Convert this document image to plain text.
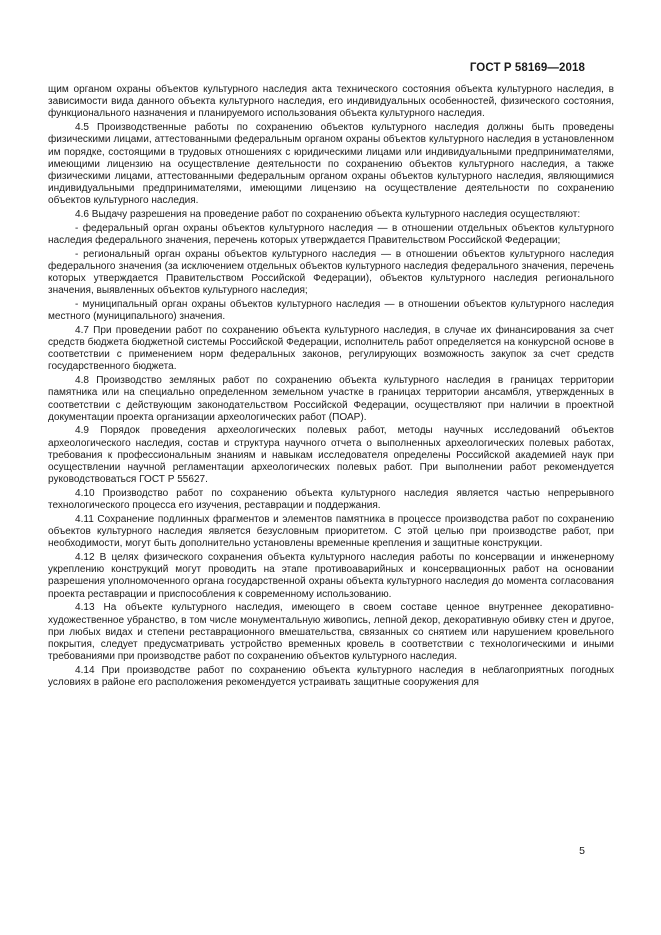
ГОСТ Р 58169—2018

щим органом охраны объектов культурного наследия акта технического состояния объекта культурного наследия, в зависимости вида данного объекта культурного наследия, его индивидуальных особенностей, физического состояния, функционального назначения и планируемого использования объекта культурного наследия.

4.5 Производственные работы по сохранению объектов культурного наследия должны быть проведены физическими лицами, аттестованными федеральным органом охраны объектов культурного наследия в установленном им порядке, состоящими в трудовых отношениях с юридическими лицами или индивидуальными предпринимателями, имеющими лицензию на осуществление деятельности по сохранению объектов культурного наследия, а также физическими лицами, аттестованными федеральным органом охраны объектов культурного наследия, являющимися индивидуальными предпринимателями, имеющими лицензию на осуществление деятельности по сохранению объектов культурного наследия.

4.6 Выдачу разрешения на проведение работ по сохранению объекта культурного наследия осуществляют:

- федеральный орган охраны объектов культурного наследия — в отношении отдельных объектов культурного наследия федерального значения, перечень которых утверждается Правительством Российской Федерации;

- региональный орган охраны объектов культурного наследия — в отношении объектов культурного наследия федерального значения (за исключением отдельных объектов культурного наследия федерального значения, перечень которых утверждается Правительством Российской Федерации), объектов культурного наследия регионального значения, выявленных объектов культурного наследия;

- муниципальный орган охраны объектов культурного наследия — в отношении объектов культурного наследия местного (муниципального) значения.

4.7 При проведении работ по сохранению объекта культурного наследия, в случае их финансирования за счет средств бюджета бюджетной системы Российской Федерации, исполнитель работ определяется на конкурсной основе в соответствии с применением норм федеральных законов, регулирующих возможность закупок за счет средств государственного бюджета.

4.8 Производство земляных работ по сохранению объекта культурного наследия в границах территории памятника или на специально определенном земельном участке в границах территории ансамбля, утвержденных в соответствии с действующим законодательством Российской Федерации, осуществляют при наличии в проектной документации проекта организации археологических работ (ПОАР).

4.9 Порядок проведения археологических полевых работ, методы научных исследований объектов археологического наследия, состав и структура научного отчета о выполненных археологических полевых работах, требования к профессиональным знаниям и навыкам исследователя определены Российской академией наук при осуществлении научной регламентации археологических полевых работ. При выполнении работ рекомендуется руководствоваться ГОСТ Р 55627.

4.10 Производство работ по сохранению объекта культурного наследия является частью непрерывного технологического процесса его изучения, реставрации и поддержания.

4.11 Сохранение подлинных фрагментов и элементов памятника в процессе производства работ по сохранению объектов культурного наследия является безусловным приоритетом. С этой целью при производстве работ, при необходимости, могут быть дополнительно установлены временные крепления и защитные конструкции.

4.12 В целях физического сохранения объекта культурного наследия работы по консервации и инженерному укреплению конструкций могут проводить на этапе противоаварийных и консервационных работ на основании разрешения уполномоченного органа государственной охраны объекта культурного наследия до момента согласования проекта реставрации и приспособления к современному использованию.

4.13 На объекте культурного наследия, имеющего в своем составе ценное внутреннее декоративно-художественное убранство, в том числе монументальную живопись, лепной декор, декоративную обивку стен и другое, при любых видах и степени реставрационного вмешательства, связанных со снятием или нарушением кровельного покрытия, следует предусматривать устройство временных кровель в соответствии с технологическими и иными требованиями при производстве работ по сохранению объектов культурного наследия.

4.14 При производстве работ по сохранению объекта культурного наследия в неблагоприятных погодных условиях в районе его расположения рекомендуется устраивать защитные сооружения для

5
